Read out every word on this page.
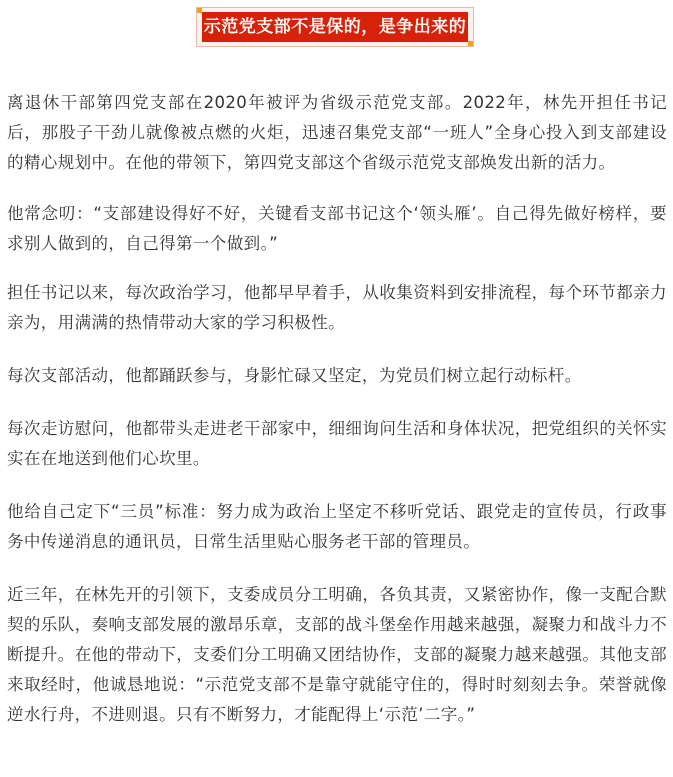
示范党支部不是保的，是争出来的

离退休干部第四党支部在2020年被评为省级示范党支部。2022年，林先开担任书记后，那股子干劲儿就像被点燃的火炬，迅速召集党支部“一班人”全身心投入到支部建设的精心规划中。在他的带领下，第四党支部这个省级示范党支部焕发出新的活力。

他常念叨：“支部建设得好不好，关键看支部书记这个‘领头雁’。自己得先做好榜样，要求别人做到的，自己得第一个做到。”

担任书记以来，每次政治学习，他都早早着手，从收集资料到安排流程，每个环节都亲力亲为，用满满的热情带动大家的学习积极性。

每次支部活动，他都踊跃参与，身影忙碌又坚定，为党员们树立起行动标杆。

每次走访慰问，他都带头走进老干部家中，细细询问生活和身体状况，把党组织的关怀实实在在地送到他们心坎里。

他给自己定下“三员”标准：努力成为政治上坚定不移听党话、跟党走的宣传员，行政事务中传递消息的通讯员，日常生活里贴心服务老干部的管理员。

近三年，在林先开的引领下，支委成员分工明确，各负其责，又紧密协作，像一支配合默契的乐队，奏响支部发展的激昂乐章，支部的战斗堡垒作用越来越强，凝聚力和战斗力不断提升。在他的带动下，支委们分工明确又团结协作，支部的凝聚力越来越强。其他支部来取经时，他诚恳地说：“示范党支部不是靠守就能守住的，得时时刻刻去争。荣誉就像逆水行舟，不进则退。只有不断努力，才能配得上‘示范’二字。”
